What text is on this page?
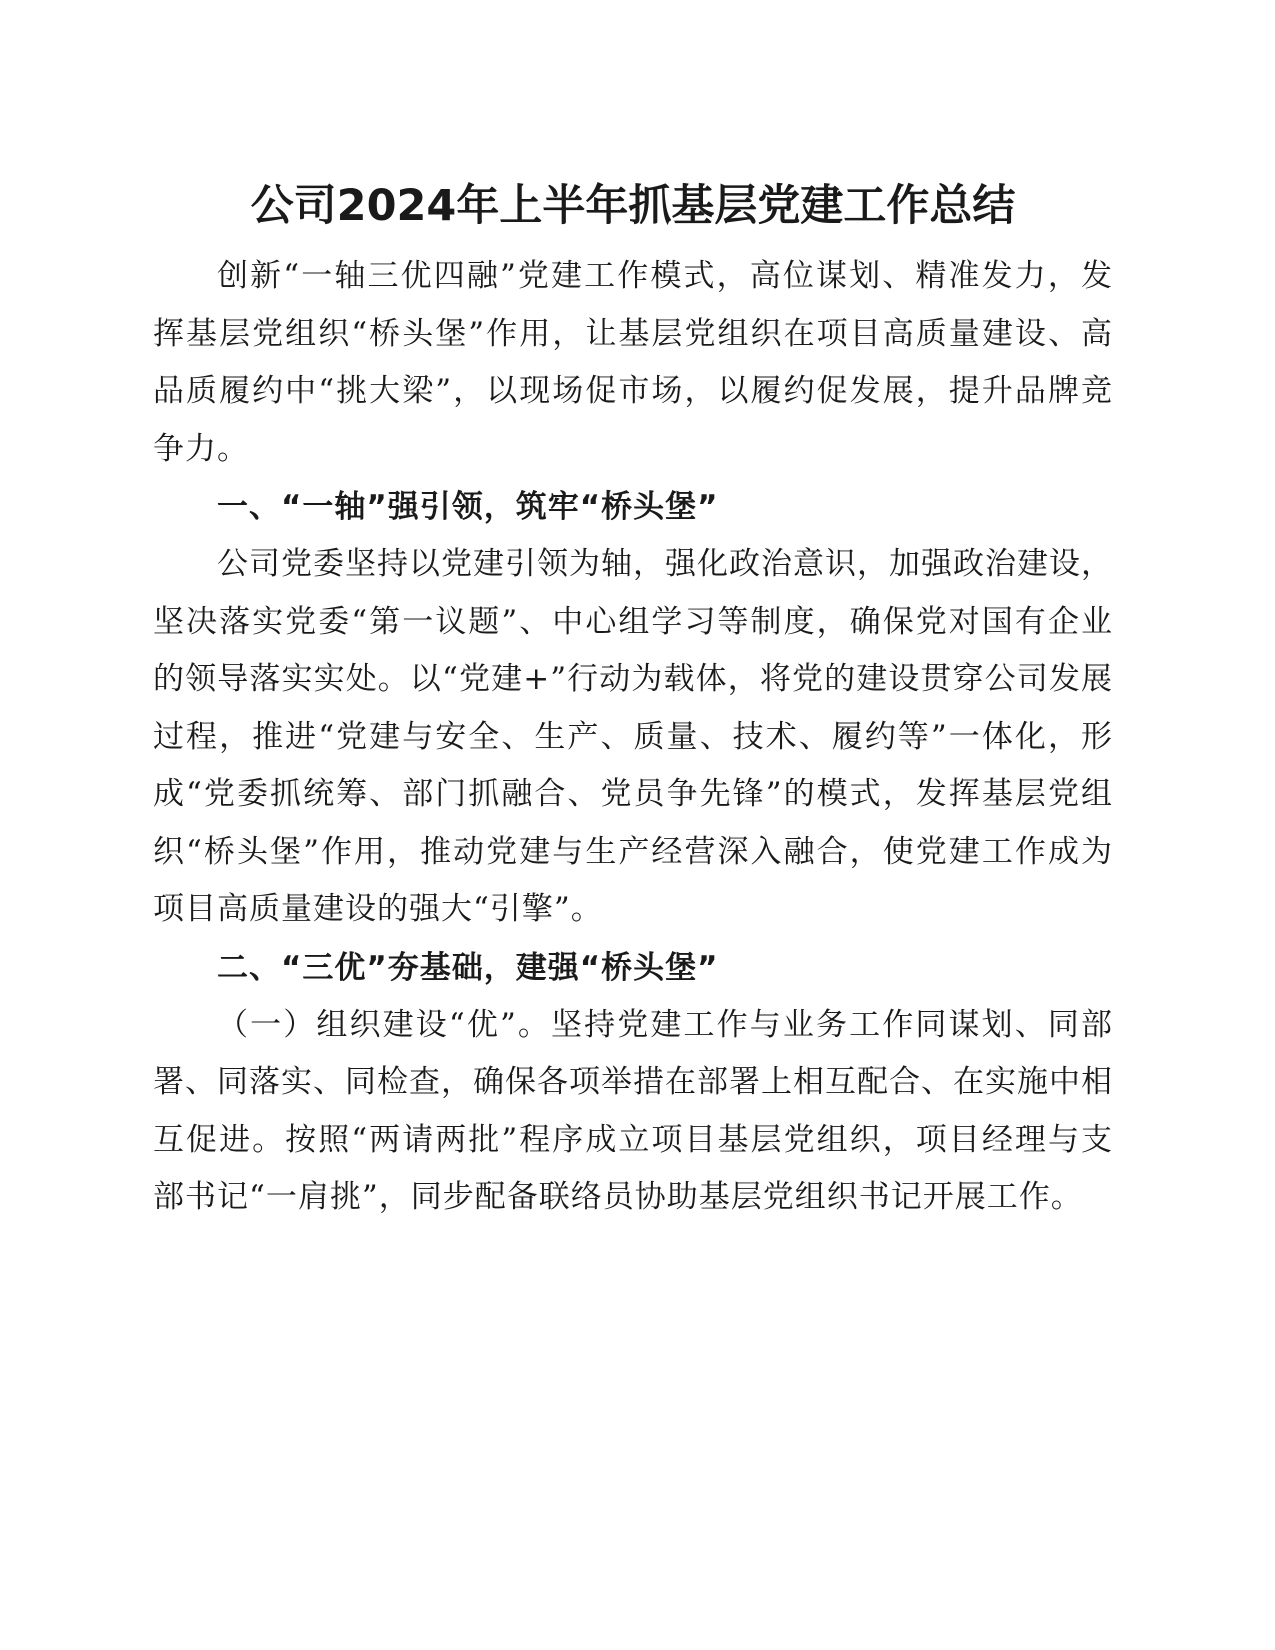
公司2024年上半年抓基层党建工作总结

创新“一轴三优四融”党建工作模式，高位谋划、精准发力，发挥基层党组织“桥头堡”作用，让基层党组织在项目高质量建设、高品质履约中“挑大梁”，以现场促市场，以履约促发展，提升品牌竞争力。

一、“一轴”强引领，筑牢“桥头堡”

公司党委坚持以党建引领为轴，强化政治意识，加强政治建设，坚决落实党委“第一议题”、中心组学习等制度，确保党对国有企业的领导落实实处。以“党建+”行动为载体，将党的建设贯穿公司发展过程，推进“党建与安全、生产、质量、技术、履约等”一体化，形成“党委抓统筹、部门抓融合、党员争先锋”的模式，发挥基层党组织“桥头堡”作用，推动党建与生产经营深入融合，使党建工作成为项目高质量建设的强大“引擎”。

二、“三优”夯基础，建强“桥头堡”

（一）组织建设“优”。坚持党建工作与业务工作同谋划、同部署、同落实、同检查，确保各项举措在部署上相互配合、在实施中相互促进。按照“两请两批”程序成立项目基层党组织，项目经理与支部书记“一肩挑”，同步配备联络员协助基层党组织书记开展工作。
